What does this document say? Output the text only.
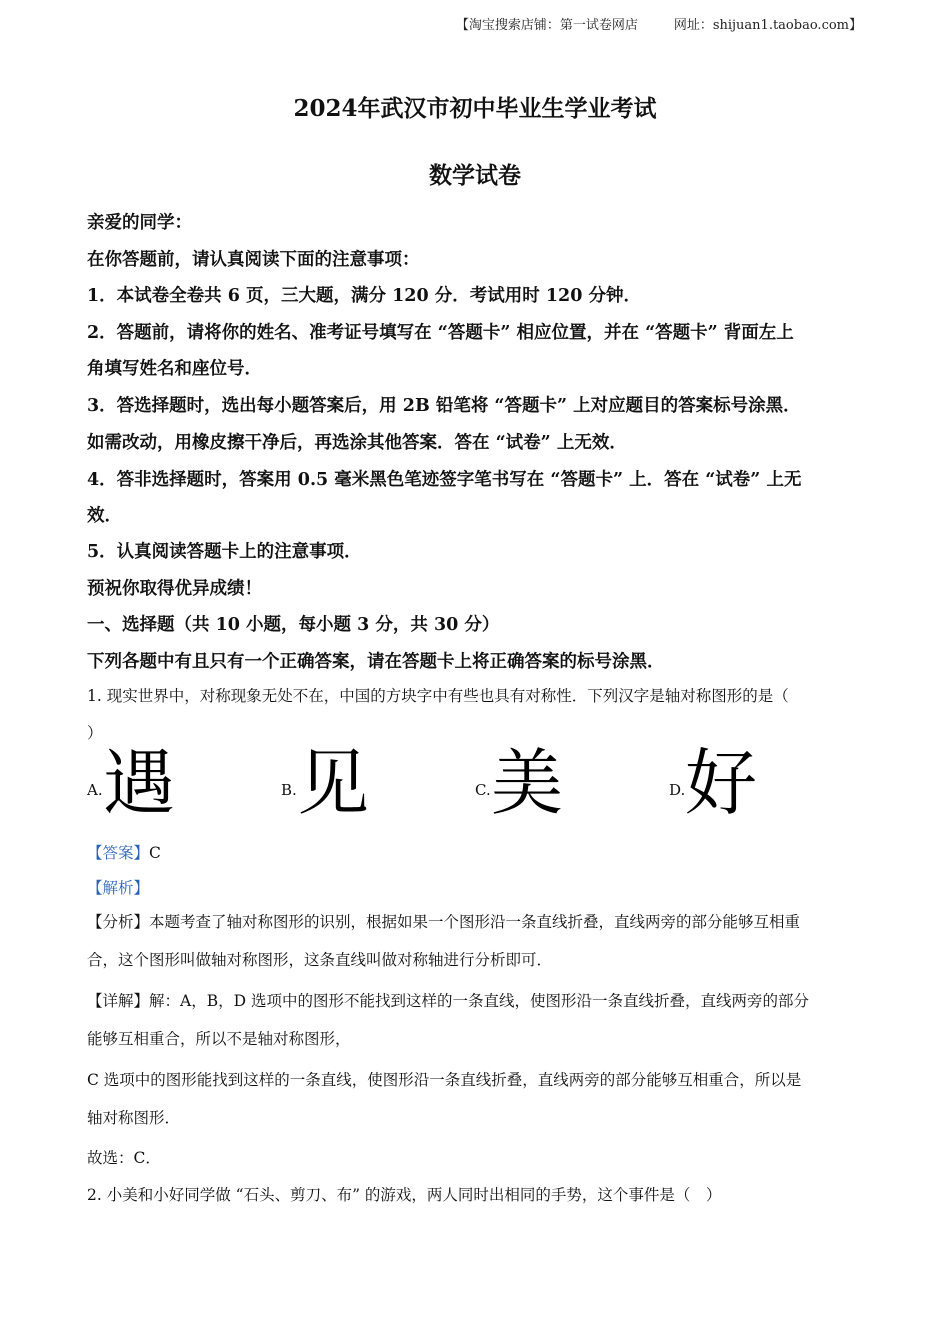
【淘宝搜索店铺：第一试卷网店	网址：shijuan1.taobao.com】
2024年武汉市初中毕业生学业考试
数学试卷
亲爱的同学：
在你答题前，请认真阅读下面的注意事项：
1．本试卷全卷共 6 页，三大题，满分 120 分．考试用时 120 分钟．
2．答题前，请将你的姓名、准考证号填写在 “答题卡” 相应位置，并在 “答题卡” 背面左上
角填写姓名和座位号．
3．答选择题时，选出每小题答案后，用 2B 铅笔将 “答题卡” 上对应题目的答案标号涂黑．
如需改动，用橡皮擦干净后，再选涂其他答案．答在 “试卷” 上无效．
4．答非选择题时，答案用 0.5 毫米黑色笔迹签字笔书写在 “答题卡” 上．答在 “试卷” 上无
效．
5．认真阅读答题卡上的注意事项．
预祝你取得优异成绩！
一、选择题（共 10 小题，每小题 3 分，共 30 分）
下列各题中有且只有一个正确答案，请在答题卡上将正确答案的标号涂黑．
1. 现实世界中，对称现象无处不在，中国的方块字中有些也具有对称性．下列汉字是轴对称图形的是（
）
A. 遇	B. 见	C. 美	D. 好
【答案】C
【解析】
【分析】本题考查了轴对称图形的识别，根据如果一个图形沿一条直线折叠，直线两旁的部分能够互相重
合，这个图形叫做轴对称图形，这条直线叫做对称轴进行分析即可．
【详解】解：A，B，D 选项中的图形不能找到这样的一条直线，使图形沿一条直线折叠，直线两旁的部分
能够互相重合，所以不是轴对称图形，
C 选项中的图形能找到这样的一条直线，使图形沿一条直线折叠，直线两旁的部分能够互相重合，所以是
轴对称图形．
故选：C．
2. 小美和小好同学做 “石头、剪刀、布” 的游戏，两人同时出相同的手势，这个事件是（　）
